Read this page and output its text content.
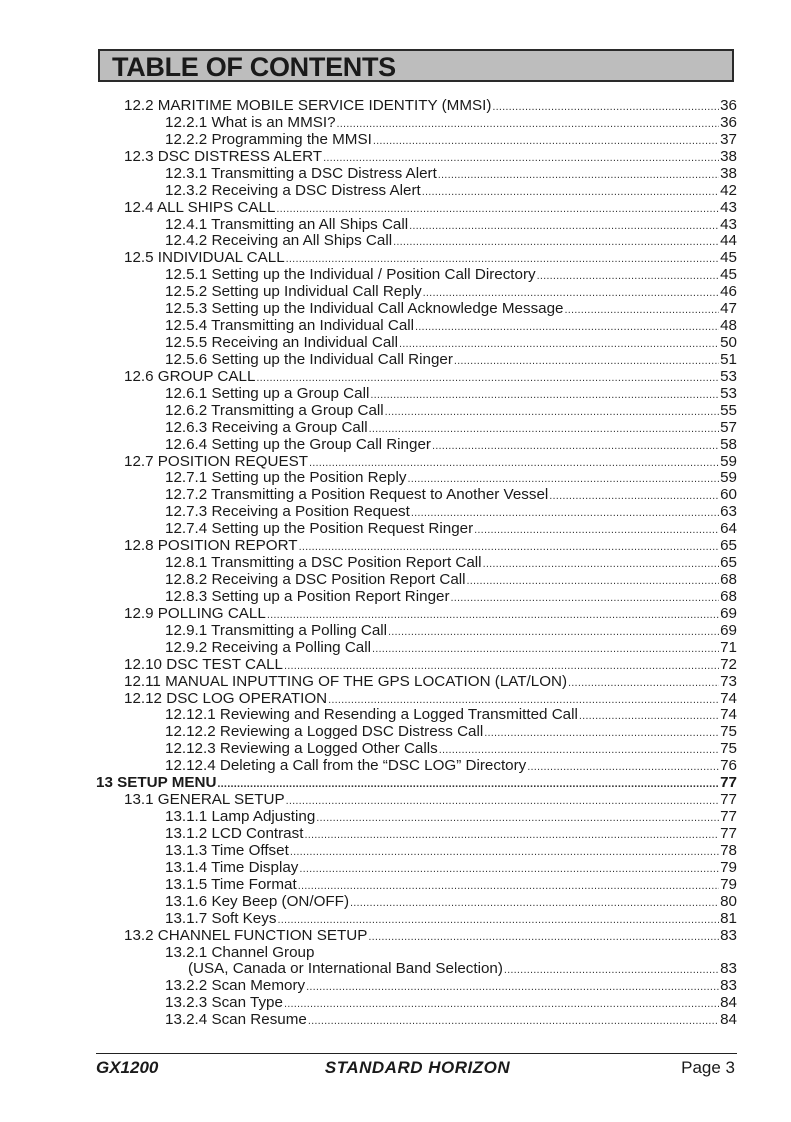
TABLE OF CONTENTS
12.2 MARITIME MOBILE SERVICE IDENTITY (MMSI) .....	36
12.2.1 What is an MMSI? .....	36
12.2.2 Programming the MMSI .....	37
12.3 DSC DISTRESS ALERT .....	38
12.3.1 Transmitting a DSC Distress Alert .....	38
12.3.2 Receiving a DSC Distress Alert .....	42
12.4 ALL SHIPS CALL .....	43
12.4.1 Transmitting an All Ships Call .....	43
12.4.2 Receiving an All Ships Call .....	44
12.5 INDIVIDUAL CALL .....	45
12.5.1 Setting up the Individual / Position Call Directory .....	45
12.5.2 Setting up Individual Call Reply .....	46
12.5.3 Setting up the Individual Call Acknowledge Message .....	47
12.5.4 Transmitting an Individual Call .....	48
12.5.5 Receiving an Individual Call .....	50
12.5.6 Setting up the Individual Call Ringer .....	51
12.6 GROUP CALL .....	53
12.6.1 Setting up a Group Call .....	53
12.6.2 Transmitting a Group Call .....	55
12.6.3 Receiving a Group Call .....	57
12.6.4 Setting up the Group Call Ringer .....	58
12.7 POSITION REQUEST .....	59
12.7.1 Setting up the Position Reply .....	59
12.7.2 Transmitting a Position Request to Another Vessel .....	60
12.7.3 Receiving a Position Request .....	63
12.7.4 Setting up the Position Request Ringer .....	64
12.8 POSITION REPORT .....	65
12.8.1 Transmitting a DSC Position Report Call .....	65
12.8.2 Receiving a DSC Position Report Call .....	68
12.8.3 Setting up a Position Report Ringer .....	68
12.9 POLLING CALL .....	69
12.9.1 Transmitting a Polling Call .....	69
12.9.2 Receiving a Polling Call .....	71
12.10 DSC TEST CALL .....	72
12.11 MANUAL INPUTTING OF THE GPS LOCATION (LAT/LON) .....	73
12.12 DSC LOG OPERATION .....	74
12.12.1 Reviewing and Resending a Logged Transmitted Call .....	74
12.12.2 Reviewing a Logged DSC Distress Call .....	75
12.12.3 Reviewing a Logged Other Calls .....	75
12.12.4 Deleting a Call from the “DSC LOG” Directory .....	76
13 SETUP MENU .....	77
13.1 GENERAL SETUP .....	77
13.1.1 Lamp Adjusting .....	77
13.1.2 LCD Contrast .....	77
13.1.3 Time Offset .....	78
13.1.4 Time Display .....	79
13.1.5 Time Format .....	79
13.1.6 Key Beep (ON/OFF) .....	80
13.1.7 Soft Keys .....	81
13.2 CHANNEL FUNCTION SETUP .....	83
13.2.1 Channel Group
(USA, Canada or International Band Selection) .....	83
13.2.2 Scan Memory .....	83
13.2.3 Scan Type .....	84
13.2.4 Scan Resume .....	84
GX1200	STANDARD HORIZON	Page 3
